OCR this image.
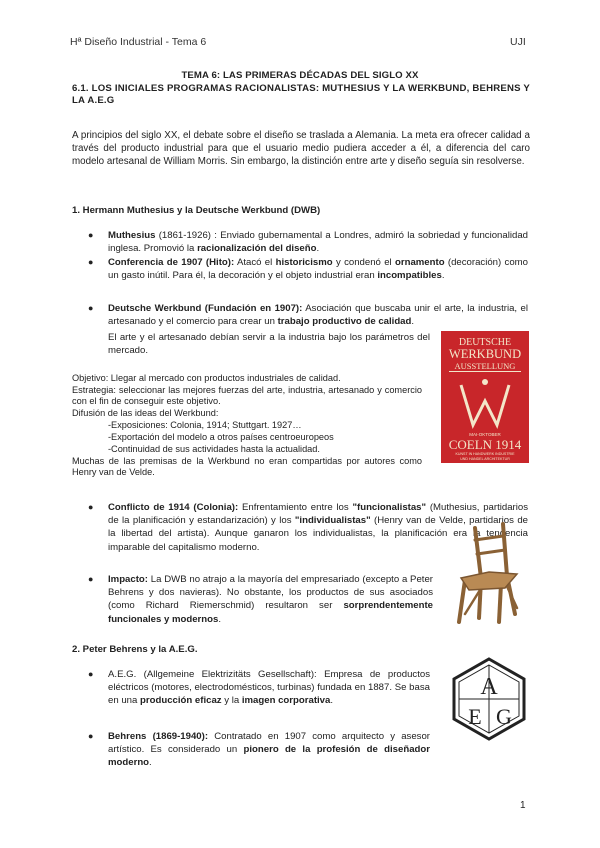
Hª Diseño Industrial - Tema 6	UJI
TEMA 6: LAS PRIMERAS DÉCADAS DEL SIGLO XX
6.1. LOS INICIALES PROGRAMAS RACIONALISTAS: MUTHESIUS Y LA WERKBUND, BEHRENS Y LA A.E.G
A principios del siglo XX, el debate sobre el diseño se traslada a Alemania. La meta era ofrecer calidad a través del producto industrial para que el usuario medio pudiera acceder a él, a diferencia del caro modelo artesanal de William Morris. Sin embargo, la distinción entre arte y diseño seguía sin resolverse.
1. Hermann Muthesius y la Deutsche Werkbund (DWB)
● Muthesius (1861-1926) : Enviado gubernamental a Londres, admiró la sobriedad y funcionalidad inglesa. Promovió la racionalización del diseño.
● Conferencia de 1907 (Hito): Atacó el historicismo y condenó el ornamento (decoración) como un gasto inútil. Para él, la decoración y el objeto industrial eran incompatibles.
● Deutsche Werkbund (Fundación en 1907): Asociación que buscaba unir el arte, la industria, el artesanado y el comercio para crear un trabajo productivo de calidad.
El arte y el artesanado debían servir a la industria bajo los parámetros del mercado.
Objetivo: Llegar al mercado con productos industriales de calidad.
Estrategia: seleccionar las mejores fuerzas del arte, industria, artesanado y comercio con el fin de conseguir este objetivo.
Difusión de las ideas del Werkbund:
-Exposiciones: Colonia, 1914; Stuttgart. 1927…
-Exportación del modelo a otros países centroeuropeos
-Continuidad de sus actividades hasta la actualidad.
Muchas de las premisas de la Werkbund no eran compartidas por autores como Henry van de Velde.
DEUTSCHE
WERKBUND
AUSSTELLUNG
MAI-OKTOBER
COELN 1914
KUNST IN HANDWERK INDUSTRIE
UND HANDEL ARCHITEKTUR
● Conflicto de 1914 (Colonia): Enfrentamiento entre los "funcionalistas" (Muthesius, partidarios de la planificación y estandarización) y los "individualistas" (Henry van de Velde, partidarios de la libertad del artista). Aunque ganaron los individualistas, la planificación era la tendencia imparable del capitalismo moderno.
● Impacto: La DWB no atrajo a la mayoría del empresariado (excepto a Peter Behrens y dos navieras). No obstante, los productos de sus asociados (como Richard Riemerschmid) resultaron ser sorprendentemente funcionales y modernos.
2. Peter Behrens y la A.E.G.
● A.E.G. (Allgemeine Elektrizitäts Gesellschaft): Empresa de productos eléctricos (motores, electrodomésticos, turbinas) fundada en 1887. Se basa en una producción eficaz y la imagen corporativa.
● Behrens (1869-1940): Contratado en 1907 como arquitecto y asesor artístico. Es considerado un pionero de la profesión de diseñador moderno.
A
E G
1
